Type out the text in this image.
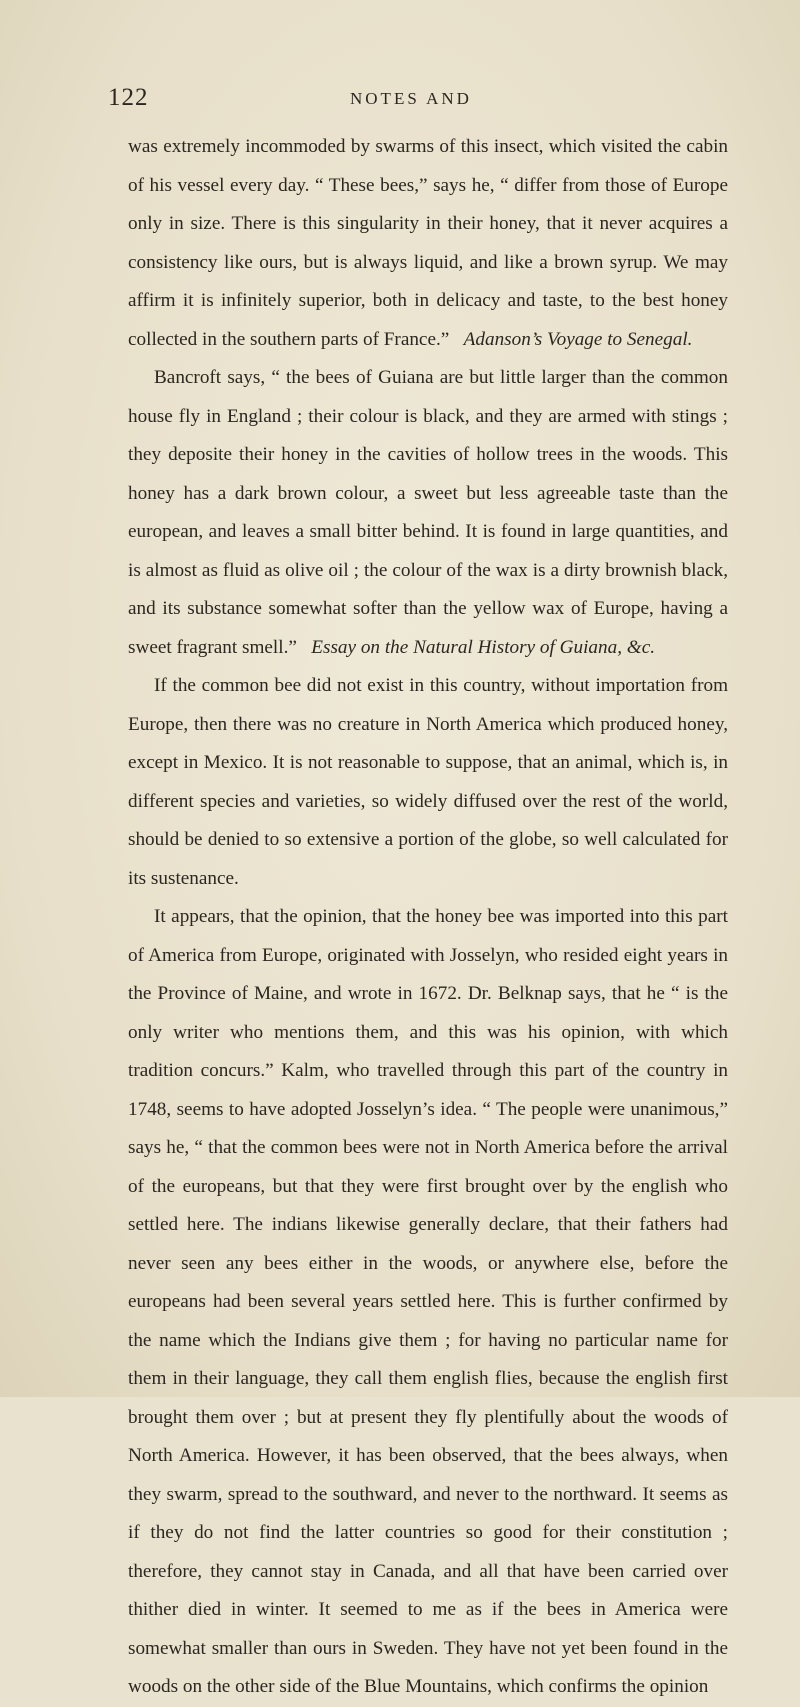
122	NOTES AND

was extremely incommoded by swarms of this insect, which visited the cabin of his vessel every day. “ These bees,” says he, “ differ from those of Europe only in size. There is this singularity in their honey, that it never acquires a consistency like ours, but is always liquid, and like a brown syrup. We may affirm it is infinitely superior, both in delicacy and taste, to the best honey collected in the southern parts of France.” Adanson’s Voyage to Senegal.

Bancroft says, “ the bees of Guiana are but little larger than the common house fly in England ; their colour is black, and they are armed with stings ; they deposite their honey in the cavities of hollow trees in the woods. This honey has a dark brown colour, a sweet but less agreeable taste than the european, and leaves a small bitter behind. It is found in large quantities, and is almost as fluid as olive oil ; the colour of the wax is a dirty brownish black, and its substance somewhat softer than the yellow wax of Europe, having a sweet fragrant smell.” Essay on the Natural History of Guiana, &c.

If the common bee did not exist in this country, without importation from Europe, then there was no creature in North America which produced honey, except in Mexico. It is not reasonable to suppose, that an animal, which is, in different species and varieties, so widely diffused over the rest of the world, should be denied to so extensive a portion of the globe, so well calculated for its sustenance.

It appears, that the opinion, that the honey bee was imported into this part of America from Europe, originated with Josselyn, who resided eight years in the Province of Maine, and wrote in 1672. Dr. Belknap says, that he “ is the only writer who mentions them, and this was his opinion, with which tradition concurs.” Kalm, who travelled through this part of the country in 1748, seems to have adopted Josselyn’s idea. “ The people were unanimous,” says he, “ that the common bees were not in North America before the arrival of the europeans, but that they were first brought over by the english who settled here. The indians likewise generally declare, that their fathers had never seen any bees either in the woods, or anywhere else, before the europeans had been several years settled here. This is further confirmed by the name which the Indians give them ; for having no particular name for them in their language, they call them english flies, because the english first brought them over ; but at present they fly plentifully about the woods of North America. However, it has been observed, that the bees always, when they swarm, spread to the southward, and never to the northward. It seems as if they do not find the latter countries so good for their constitution ; therefore, they cannot stay in Canada, and all that have been carried over thither died in winter. It seemed to me as if the bees in America were somewhat smaller than ours in Sweden. They have not yet been found in the woods on the other side of the Blue Mountains, which confirms the opinion
